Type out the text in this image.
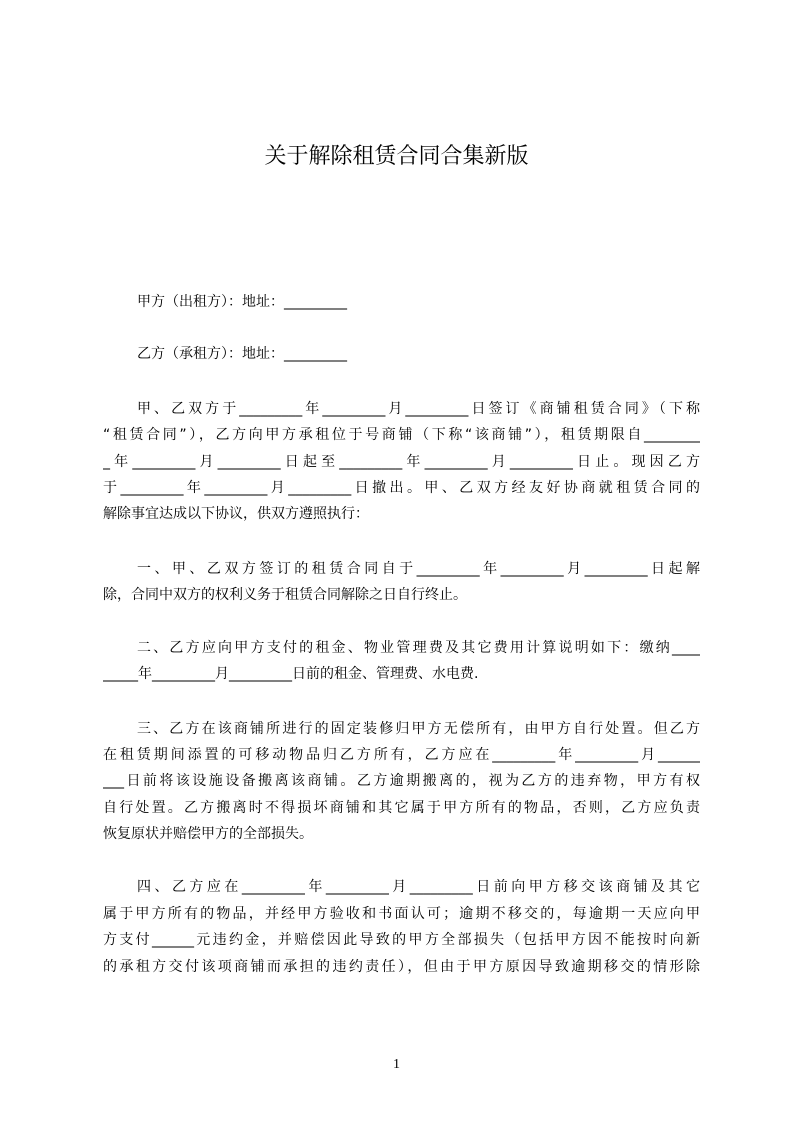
关于解除租赁合同合集新版
甲方（出租方）：地址：_________
乙方（承租方）：地址：_________
甲、乙双方于_________年_________月_________日签订《商铺租赁合同》（下称
“租赁合同”），乙方向甲方承租位于号商铺（下称“该商铺”），租赁期限自________
_年_________月_________日起至_________年_________月_________日止。现因乙方
于_________年_________月_________日撤出。甲、乙双方经友好协商就租赁合同的
解除事宜达成以下协议，供双方遵照执行：
一、甲、乙双方签订的租赁合同自于_________年_________月_________日起解
除，合同中双方的权利义务于租赁合同解除之日自行终止。
二、乙方应向甲方支付的租金、物业管理费及其它费用计算说明如下：缴纳____
_____年_________月_________日前的租金、管理费、水电费.
三、乙方在该商铺所进行的固定装修归甲方无偿所有，由甲方自行处置。但乙方
在租赁期间添置的可移动物品归乙方所有，乙方应在_________年_________月______
___日前将该设施设备搬离该商铺。乙方逾期搬离的，视为乙方的违弃物，甲方有权
自行处置。乙方搬离时不得损坏商铺和其它属于甲方所有的物品，否则，乙方应负责
恢复原状并赔偿甲方的全部损失。
四、乙方应在_________年_________月_________日前向甲方移交该商铺及其它
属于甲方所有的物品，并经甲方验收和书面认可；逾期不移交的，每逾期一天应向甲
方支付______元违约金，并赔偿因此导致的甲方全部损失（包括甲方因不能按时向新
的承租方交付该项商铺而承担的违约责任），但由于甲方原因导致逾期移交的情形除
1
